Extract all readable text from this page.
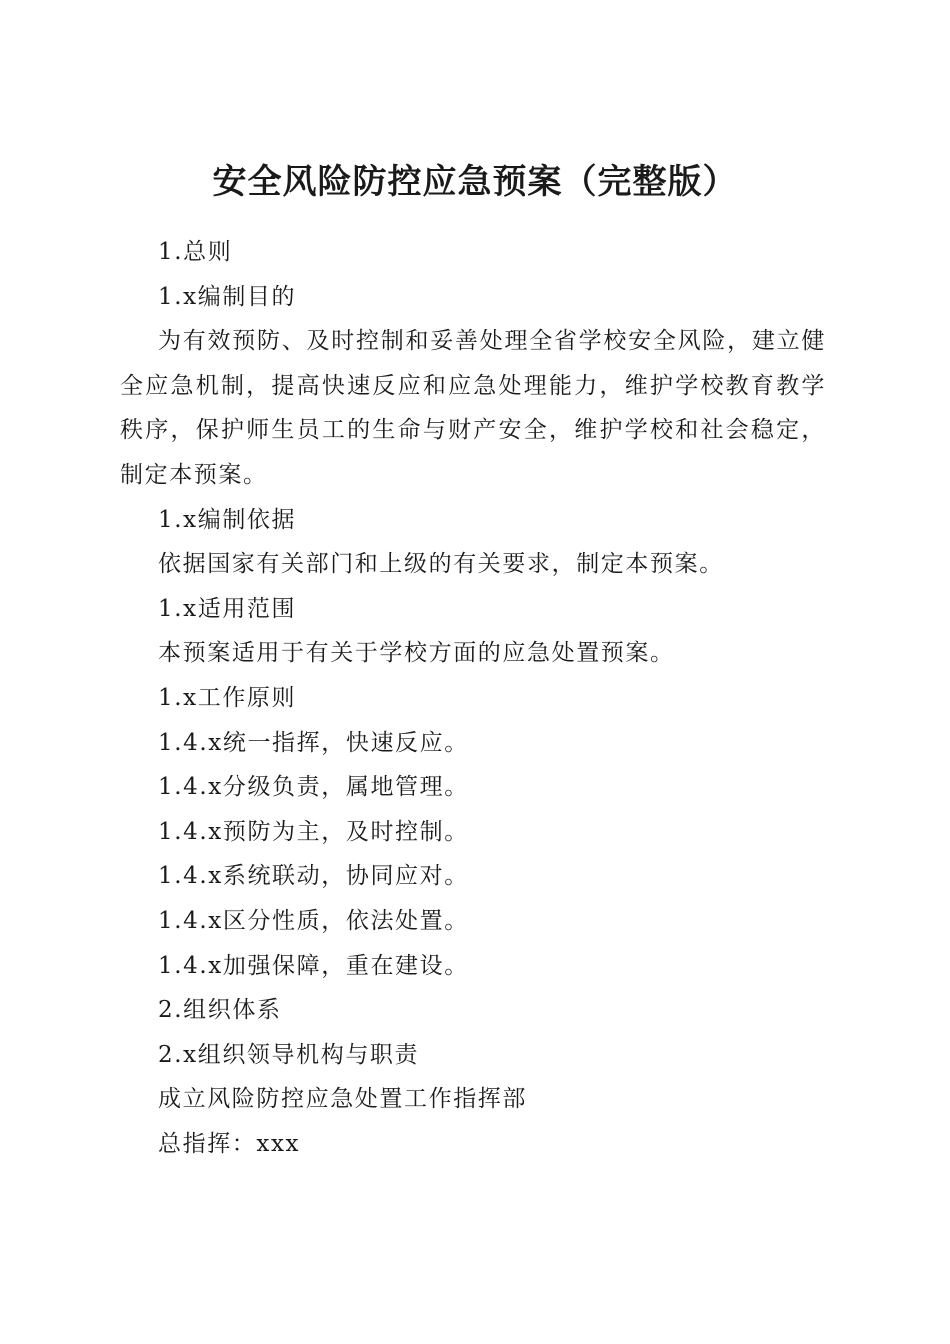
安全风险防控应急预案（完整版）

1.总则

1.x编制目的

为有效预防、及时控制和妥善处理全省学校安全风险，建立健全应急机制，提高快速反应和应急处理能力，维护学校教育教学秩序，保护师生员工的生命与财产安全，维护学校和社会稳定，制定本预案。

1.x编制依据

依据国家有关部门和上级的有关要求，制定本预案。

1.x适用范围

本预案适用于有关于学校方面的应急处置预案。

1.x工作原则

1.4.x统一指挥，快速反应。

1.4.x分级负责，属地管理。

1.4.x预防为主，及时控制。

1.4.x系统联动，协同应对。

1.4.x区分性质，依法处置。

1.4.x加强保障，重在建设。

2.组织体系

2.x组织领导机构与职责

成立风险防控应急处置工作指挥部

总指挥：xxx
